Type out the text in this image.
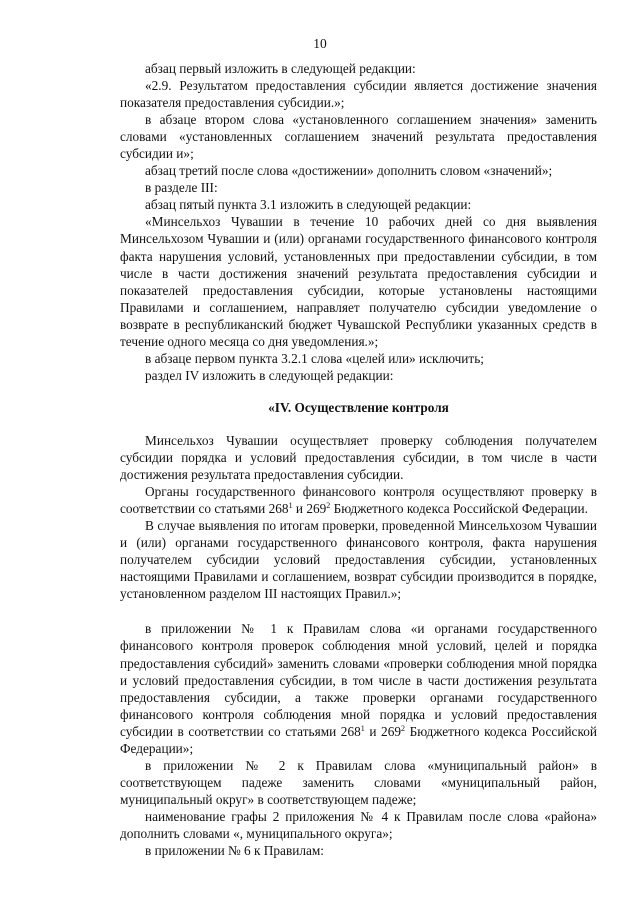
10

абзац первый изложить в следующей редакции:

«2.9. Результатом предоставления субсидии является достижение значения показателя предоставления субсидии.»;

в абзаце втором слова «установленного соглашением значения» заменить словами «установленных соглашением значений результата предоставления субсидии и»;

абзац третий после слова «достижении» дополнить словом «значений»;

в разделе III:

абзац пятый пункта 3.1 изложить в следующей редакции:

«Минсельхоз Чувашии в течение 10 рабочих дней со дня выявления Минсельхозом Чувашии и (или) органами государственного финансового контроля факта нарушения условий, установленных при предоставлении субсидии, в том числе в части достижения значений результата предоставления субсидии и показателей предоставления субсидии, которые установлены настоящими Правилами и соглашением, направляет получателю субсидии уведомление о возврате в республиканский бюджет Чувашской Республики указанных средств в течение одного месяца со дня уведомления.»;

в абзаце первом пункта 3.2.1 слова «целей или» исключить;

раздел IV изложить в следующей редакции:

«IV. Осуществление контроля

Минсельхоз Чувашии осуществляет проверку соблюдения получателем субсидии порядка и условий предоставления субсидии, в том числе в части достижения результата предоставления субсидии.

Органы государственного финансового контроля осуществляют проверку в соответствии со статьями $268^1$ и $269^2$ Бюджетного кодекса Российской Федерации.

В случае выявления по итогам проверки, проведенной Минсельхозом Чувашии и (или) органами государственного финансового контроля, факта нарушения получателем субсидии условий предоставления субсидии, установленных настоящими Правилами и соглашением, возврат субсидии производится в порядке, установленном разделом III настоящих Правил.»;

в приложении № 1 к Правилам слова «и органами государственного финансового контроля проверок соблюдения мной условий, целей и порядка предоставления субсидий» заменить словами «проверки соблюдения мной порядка и условий предоставления субсидии, в том числе в части достижения результата предоставления субсидии, а также проверки органами государственного финансового контроля соблюдения мной порядка и условий предоставления субсидии в соответствии со статьями $268^1$ и $269^2$ Бюджетного кодекса Российской Федерации»;

в приложении № 2 к Правилам слова «муниципальный район» в соответствующем падеже заменить словами «муниципальный район, муниципальный округ» в соответствующем падеже;

наименование графы 2 приложения № 4 к Правилам после слова «района» дополнить словами «, муниципального округа»;

в приложении № 6 к Правилам:
